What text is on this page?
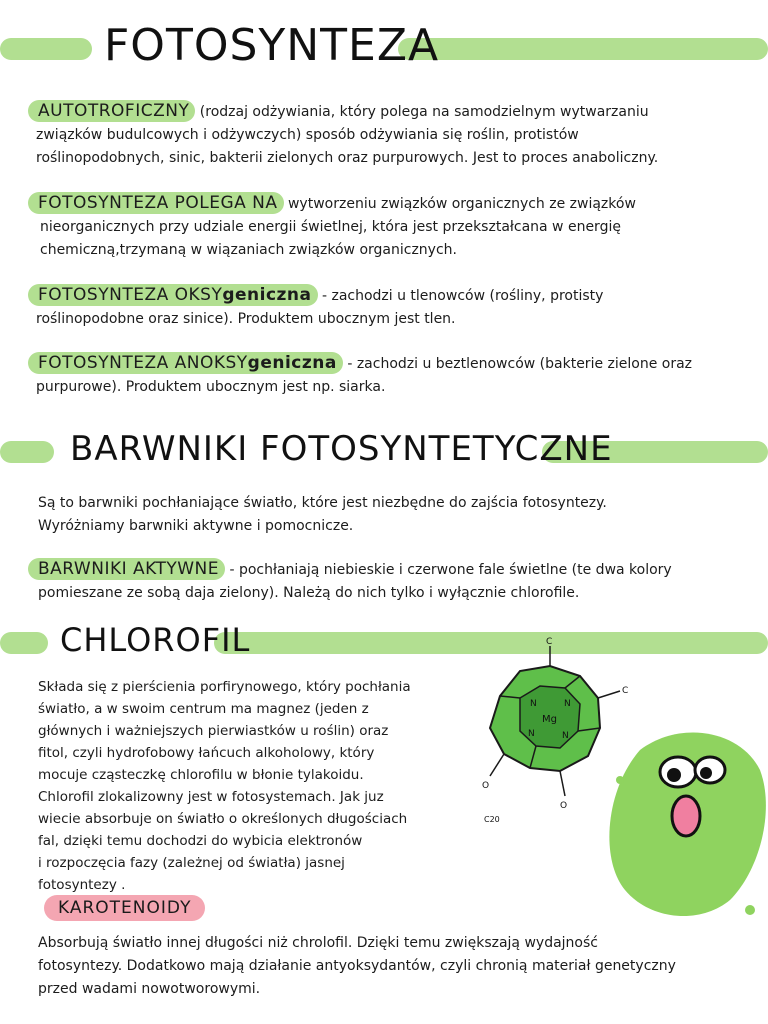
FOTOSYNTEZA
AUTOTROFICZNY (rodzaj odżywiania, który polega na samodzielnym wytwarzaniu
związków budulcowych i odżywczych) sposób odżywiania się roślin, protistów
roślinopodobnych, sinic, bakterii zielonych oraz purpurowych. Jest to proces anaboliczny.
FOTOSYNTEZA POLEGA NA wytworzeniu związków organicznych ze związków
nieorganicznych przy udziale energii świetlnej, która jest przekształcana w energię
chemiczną,trzymaną w wiązaniach związków organicznych.
FOTOSYNTEZA OKSYgeniczna - zachodzi u tlenowców (rośliny, protisty
roślinopodobne oraz sinice). Produktem ubocznym jest tlen.
FOTOSYNTEZA ANOKSYgeniczna - zachodzi u beztlenowców (bakterie zielone oraz
purpurowe). Produktem ubocznym jest np. siarka.
BARWNIKI FOTOSYNTETYCZNE
Są to barwniki pochłaniające światło, które jest niezbędne do zajścia fotosyntezy.
Wyróżniamy barwniki aktywne i pomocnicze.
BARWNIKI AKTYWNE - pochłaniają niebieskie i czerwone fale świetlne (te dwa kolory
pomieszane ze sobą daja zielony). Należą do nich tylko i wyłącznie chlorofile.
CHLOROFIL
Składa się z pierścienia porfirynowego, który pochłania
światło, a w swoim centrum ma magnez (jeden z
głównych i ważniejszych pierwiastków u roślin) oraz
fitol, czyli hydrofobowy łańcuch alkoholowy, który
mocuje cząsteczkę chlorofilu w błonie tylakoidu.
Chlorofil zlokalizowny jest w fotosystemach. Jak juz
wiecie absorbuje on światło o określonych długościach
fal, dzięki temu dochodzi do wybicia elektronów
i rozpoczęcia fazy (zależnej od światła) jasnej
fotosyntezy .
Mg
N	N
N	N
C
C
O
O
C20
KAROTENOIDY
Absorbują światło innej długości niż chrolofil. Dzięki temu zwiększają wydajność
fotosyntezy. Dodatkowo mają działanie antyoksydantów, czyli chronią materiał genetyczny
przed wadami nowotworowymi.
